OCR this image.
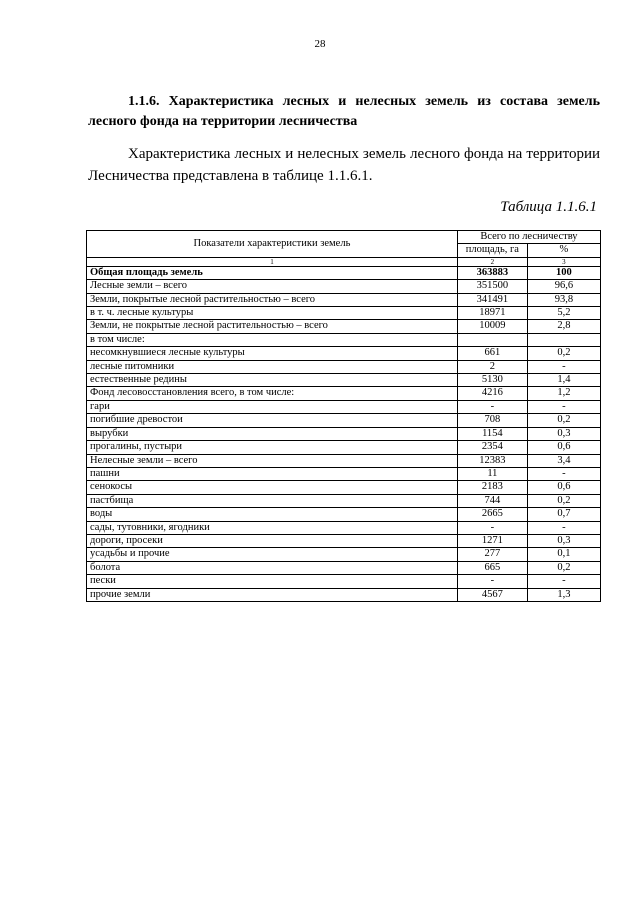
28
1.1.6. Характеристика лесных и нелесных земель из состава земель лесного фонда на территории лесничества
Характеристика лесных и нелесных земель лесного фонда на территории Лесничества представлена в таблице 1.1.6.1.
Таблица 1.1.6.1
Показатели характеристики земель	Всего по лесничеству	
	площадь, га	%
1	2	3
Общая площадь земель	363883	100
Лесные земли – всего	351500	96,6
Земли, покрытые лесной растительностью – всего	341491	93,8
в т. ч. лесные культуры	18971	5,2
Земли, не покрытые лесной растительностью – всего	10009	2,8
в том числе:		
несомкнувшиеся лесные культуры	661	0,2
лесные питомники	2	-
естественные редины	5130	1,4
Фонд лесовосстановления всего, в том числе:	4216	1,2
гари	-	-
погибшие древостои	708	0,2
вырубки	1154	0,3
прогалины, пустыри	2354	0,6
Нелесные земли – всего	12383	3,4
пашни	11	-
сенокосы	2183	0,6
пастбища	744	0,2
воды	2665	0,7
сады, тутовники, ягодники	-	-
дороги, просеки	1271	0,3
усадьбы и прочие	277	0,1
болота	665	0,2
пески	-	-
прочие земли	4567	1,3
